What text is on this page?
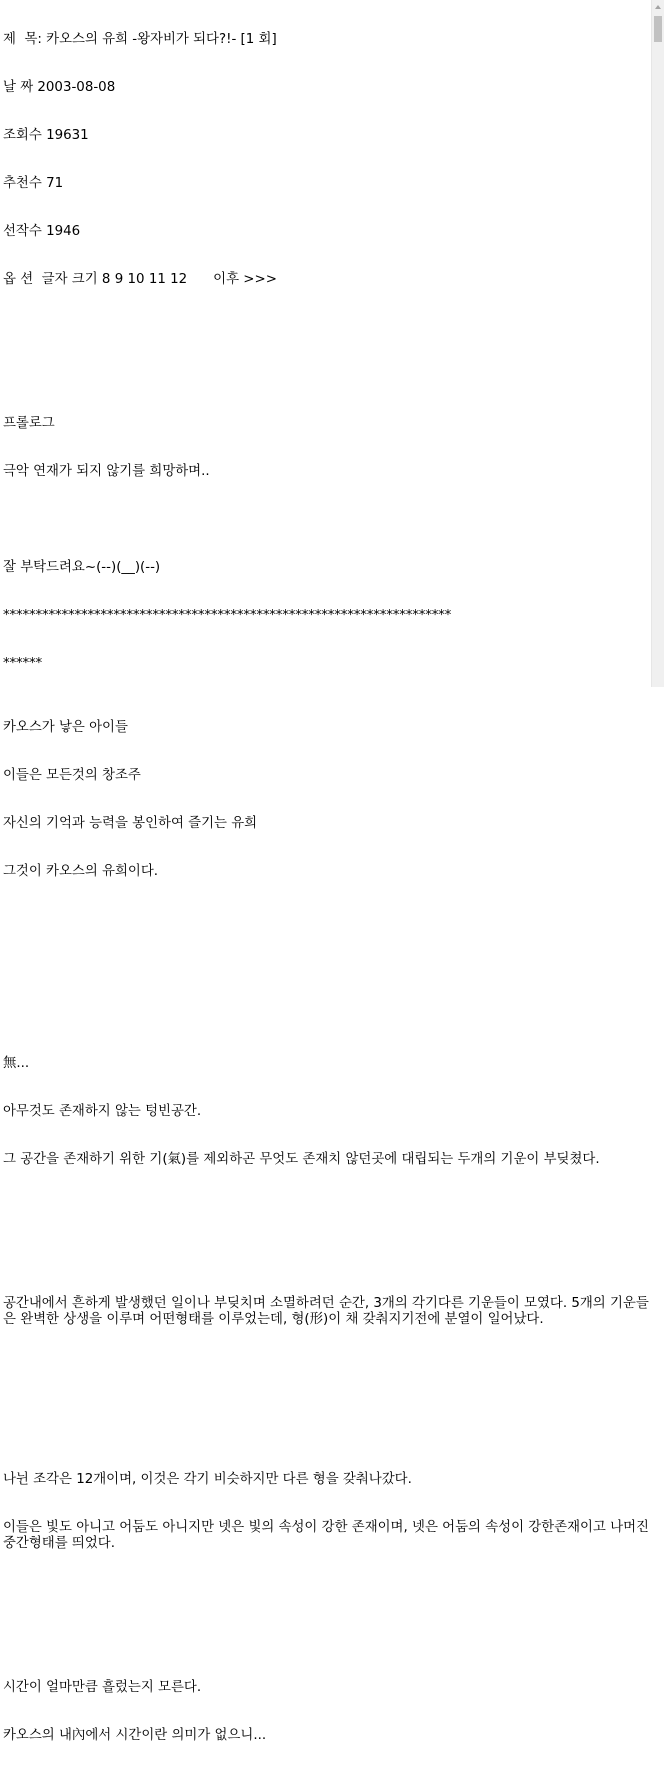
제  목: 카오스의 유희 -왕자비가 되다?!- [1 회]

날 짜 2003-08-08

조회수 19631

추천수 71

선작수 1946

옵 션  글자 크기 8 9 10 11 12 이후 >>>

프롤로그

극악 연재가 되지 않기를 희망하며..

잘 부탁드려요~(--)(__)(--)

*********************************************************************

******

카오스가 낳은 아이들

이들은 모든것의 창조주

자신의 기억과 능력을 봉인하여 즐기는 유희

그것이 카오스의 유희이다.

無...

아무것도 존재하지 않는 텅빈공간.

그 공간을 존재하기 위한 기(氣)를 제외하곤 무엇도 존재치 않던곳에 대립되는 두개의 기운이 부딪쳤다.

공간내에서 흔하게 발생했던 일이나 부딪치며 소멸하려던 순간, 3개의 각기다른 기운들이 모였다. 5개의 기운들은 완벽한 상생을 이루며 어떤형태를 이루었는데, 형(形)이 채 갖춰지기전에 분열이 일어났다.

나뉜 조각은 12개이며, 이것은 각기 비슷하지만 다른 형을 갖춰나갔다.

이들은 빛도 아니고 어둠도 아니지만 넷은 빛의 속성이 강한 존재이며, 넷은 어둠의 속성이 강한존재이고 나머진 중간형태를 띄었다.

시간이 얼마만큼 흘렀는지 모른다.

카오스의 내內에서 시간이란 의미가 없으니...
